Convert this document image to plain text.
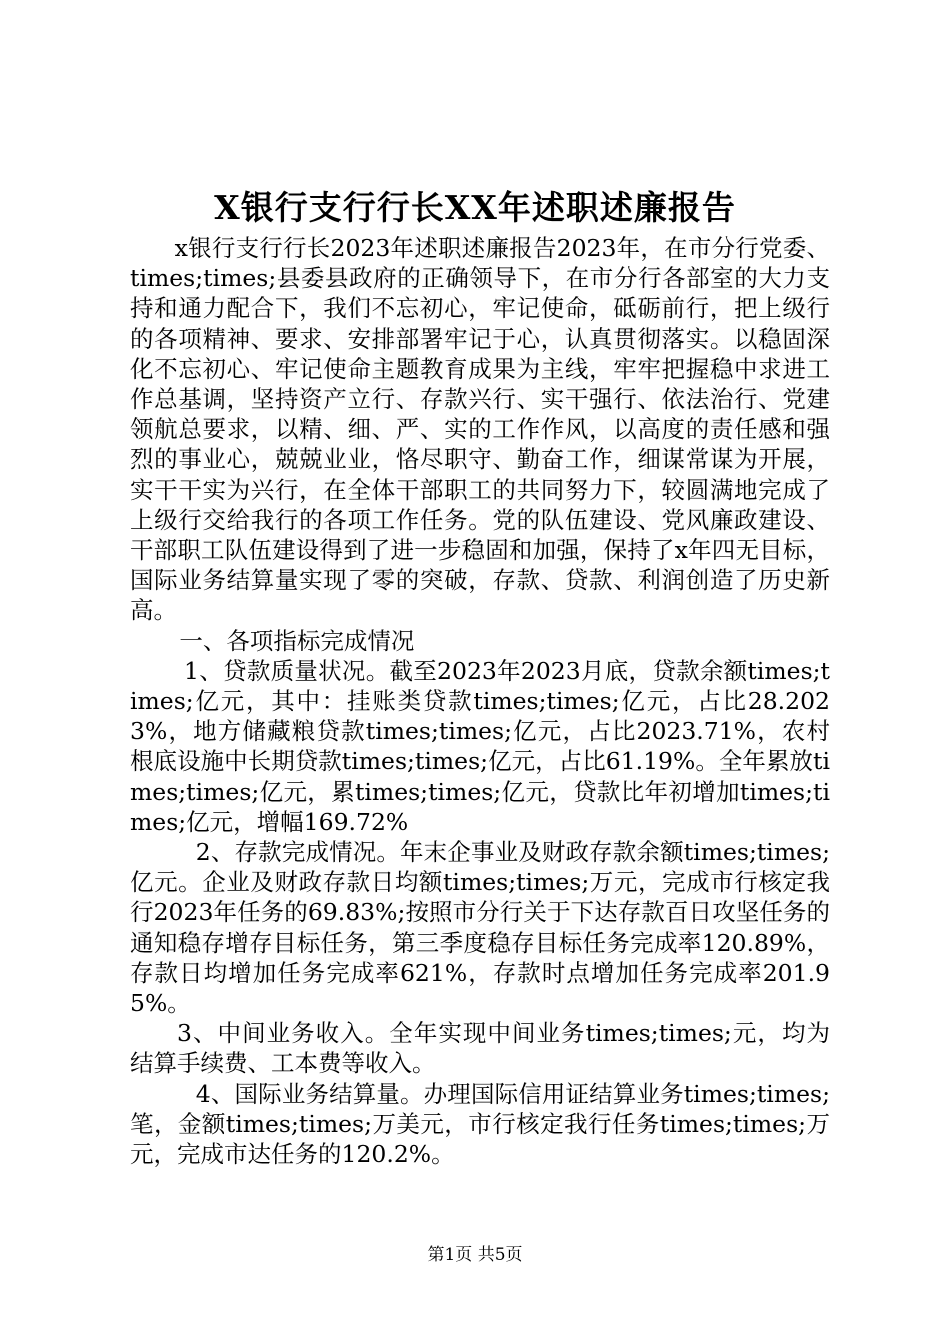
X银行支行行长XX年述职述廉报告

x银行支行行长2023年述职述廉报告2023年，在市分行党委、times;times;县委县政府的正确领导下，在市分行各部室的大力支持和通力配合下，我们不忘初心，牢记使命，砥砺前行，把上级行的各项精神、要求、安排部署牢记于心，认真贯彻落实。以稳固深化不忘初心、牢记使命主题教育成果为主线，牢牢把握稳中求进工作总基调，坚持资产立行、存款兴行、实干强行、依法治行、党建领航总要求，以精、细、严、实的工作作风，以高度的责任感和强烈的事业心，兢兢业业，恪尽职守、勤奋工作，细谋常谋为开展，实干干实为兴行，在全体干部职工的共同努力下，较圆满地完成了上级行交给我行的各项工作任务。党的队伍建设、党风廉政建设、干部职工队伍建设得到了进一步稳固和加强，保持了x年四无目标，国际业务结算量实现了零的突破，存款、贷款、利润创造了历史新高。

一、各项指标完成情况

1、贷款质量状况。截至2023年2023月底，贷款余额times;times;亿元，其中：挂账类贷款times;times;亿元，占比28.2023%，地方储藏粮贷款times;times;亿元，占比2023.71%，农村根底设施中长期贷款times;times;亿元，占比61.19%。全年累放times;times;亿元，累times;times;亿元，贷款比年初增加times;times;亿元，增幅169.72%

2、存款完成情况。年末企事业及财政存款余额times;times;亿元。企业及财政存款日均额times;times;万元，完成市行核定我行2023年任务的69.83%;按照市分行关于下达存款百日攻坚任务的通知稳存增存目标任务，第三季度稳存目标任务完成率120.89%，存款日均增加任务完成率621%，存款时点增加任务完成率201.95%。

3、中间业务收入。全年实现中间业务times;times;元，均为结算手续费、工本费等收入。

4、国际业务结算量。办理国际信用证结算业务times;times;笔，金额times;times;万美元，市行核定我行任务times;times;万元，完成市达任务的120.2%。

第1页 共5页
